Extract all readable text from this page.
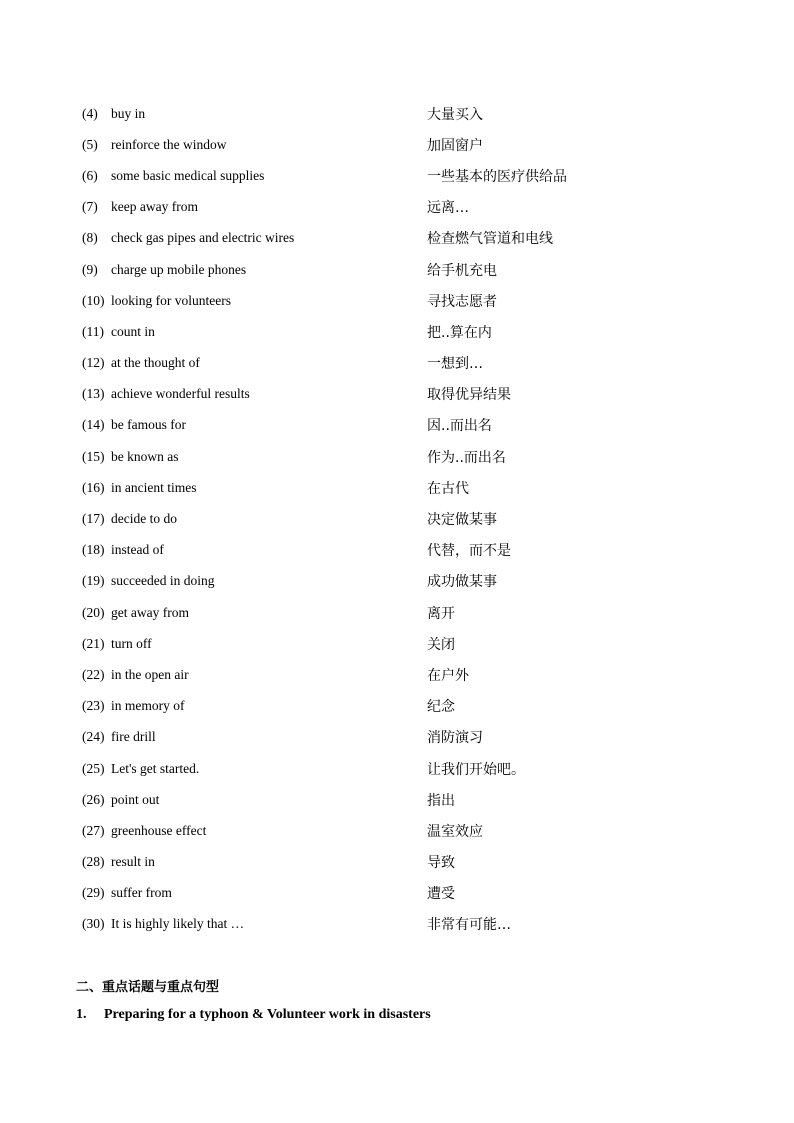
(4) buy in	大量买入
(5) reinforce the window	加固窗户
(6) some basic medical supplies	一些基本的医疗供给品
(7) keep away from	远离…
(8) check gas pipes and electric wires	检查燃气管道和电线
(9) charge up mobile phones	给手机充电
(10) looking for volunteers	寻找志愿者
(11) count in	把..算在内
(12) at the thought of	一想到…
(13) achieve wonderful results	取得优异结果
(14) be famous for	因..而出名
(15) be known as	作为..而出名
(16) in ancient times	在古代
(17) decide to do	决定做某事
(18) instead of	代替，而不是
(19) succeeded in doing	成功做某事
(20) get away from	离开
(21) turn off	关闭
(22) in the open air	在户外
(23) in memory of	纪念
(24) fire drill	消防演习
(25) Let's get started.	让我们开始吧。
(26) point out	指出
(27) greenhouse effect	温室效应
(28) result in	导致
(29) suffer from	遭受
(30) It is highly likely that …	非常有可能…
二、重点话题与重点句型
1.	Preparing for a typhoon & Volunteer work in disasters
